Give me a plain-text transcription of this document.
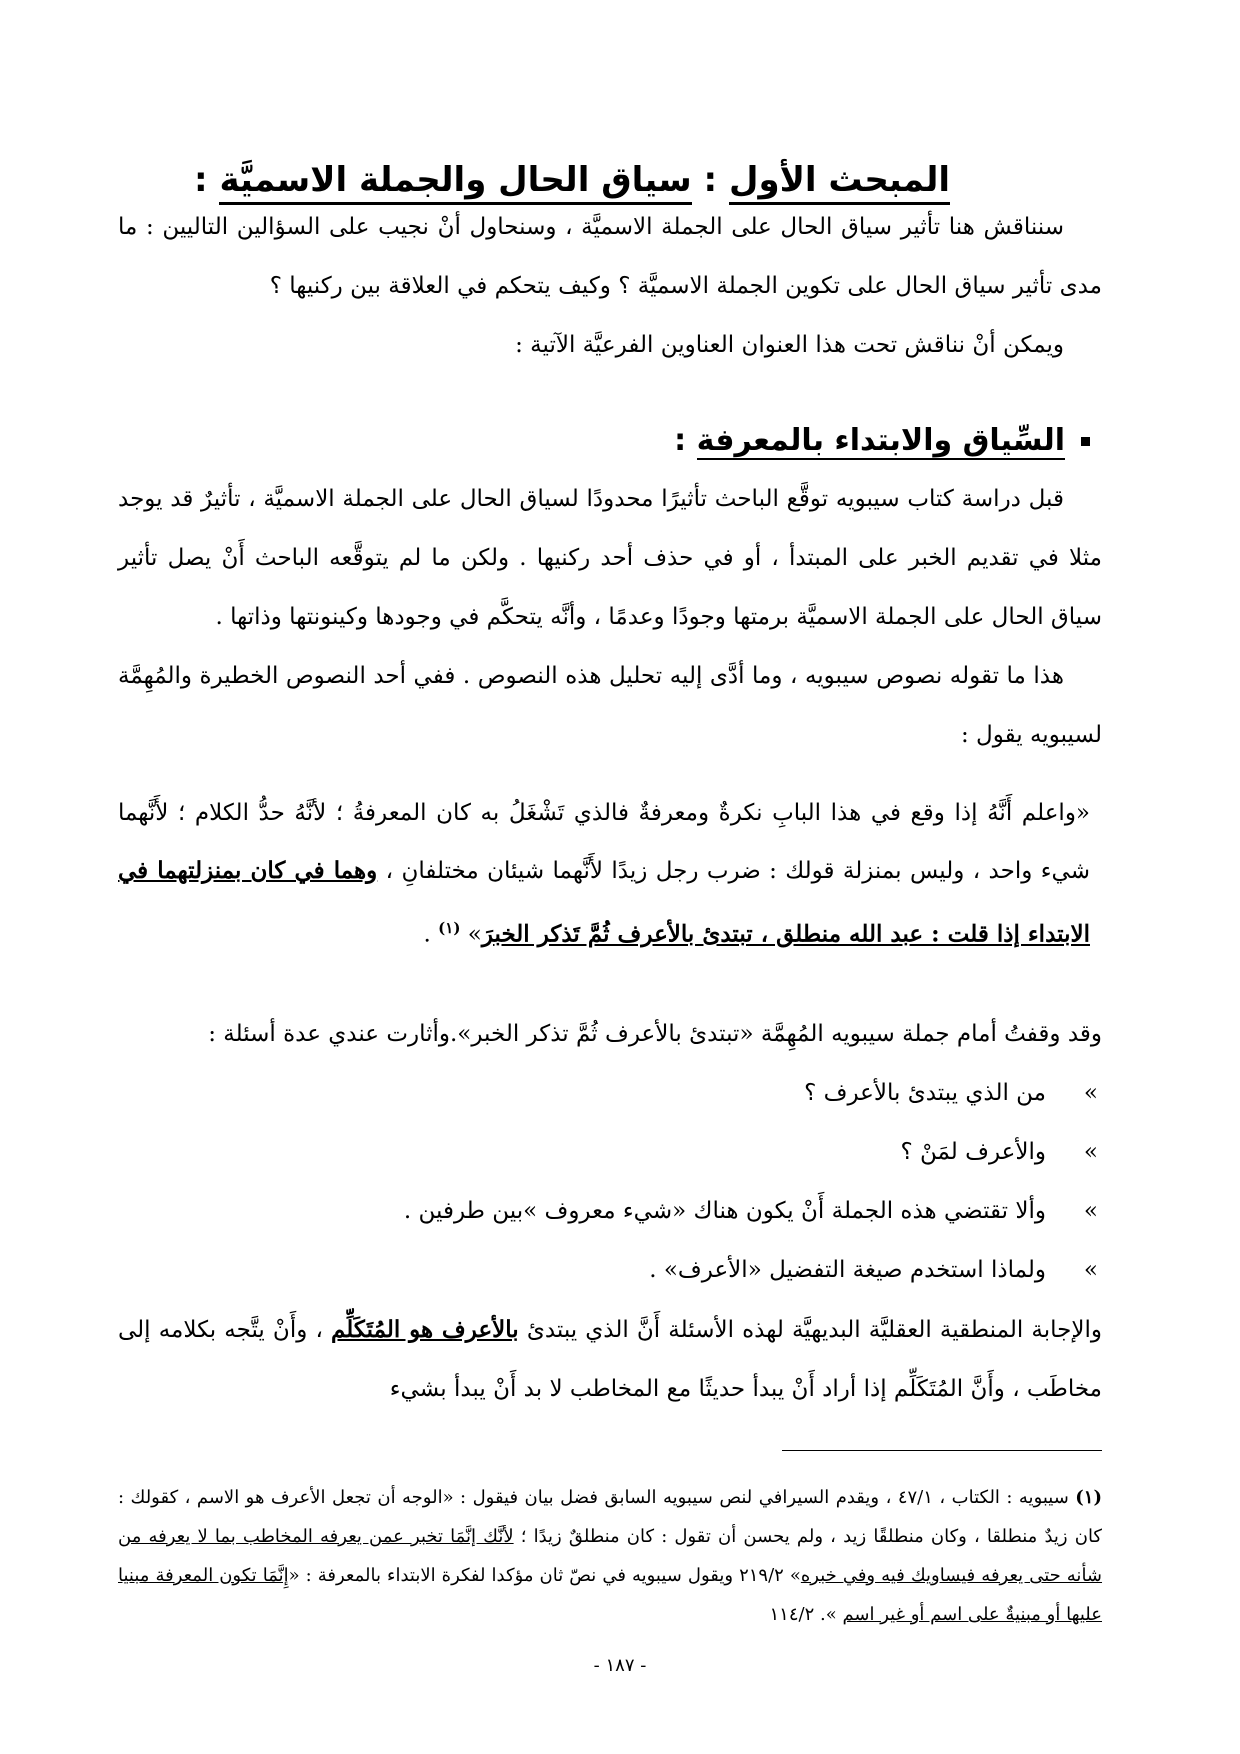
المبحث الأول : سياق الحال والجملة الاسميَّة :

سنناقش هنا تأثير سياق الحال على الجملة الاسميَّة ، وسنحاول أنْ نجيب على السؤالين التاليين : ما مدى تأثير سياق الحال على تكوين الجملة الاسميَّة ؟ وكيف يتحكم في العلاقة بين ركنيها ؟

ويمكن أنْ نناقش تحت هذا العنوان العناوين الفرعيَّة الآتية :

السِّياق والابتداء بالمعرفة :

قبل دراسة كتاب سيبويه توقَّع الباحث تأثيرًا محدودًا لسياق الحال على الجملة الاسميَّة ، تأثيرٌ قد يوجد مثلا في تقديم الخبر على المبتدأ ، أو في حذف أحد ركنيها . ولكن ما لم يتوقَّعه الباحث أَنْ يصل تأثير سياق الحال على الجملة الاسميَّة برمتها وجودًا وعدمًا ، وأنَّه يتحكَّم في وجودها وكينونتها وذاتها .

هذا ما تقوله نصوص سيبويه ، وما أدَّى إليه تحليل هذه النصوص . ففي أحد النصوص الخطيرة والمُهِمَّة لسيبويه يقول :

«واعلم أَنَّهُ إذا وقع في هذا البابِ نكرةٌ ومعرفةٌ فالذي تَشْغَلُ به كان المعرفةُ ؛ لأنَّهُ حدُّ الكلام ؛ لأَنَّهما شيء واحد ، وليس بمنزلة قولك : ضرب رجل زيدًا لأَنَّهما شيئان مختلفانِ ، وهما في كان بمنزلتهما في الابتداء إذا قلت : عبد الله منطلق ، تبتدئ بالأعرف ثُمَّ تَذكر الخبرَ» $^{(١)}$ .

وقد وقفتُ أمام جملة سيبويه المُهِمَّة «تبتدئ بالأعرف ثُمَّ تذكر الخبر».وأثارت عندي عدة أسئلة :

»
من الذي يبتدئ بالأعرف ؟
»
والأعرف لمَنْ ؟
»
وألا تقتضي هذه الجملة أَنْ يكون هناك «شيء معروف »بين طرفين .
»
ولماذا استخدم صيغة التفضيل «الأعرف» .

والإجابة المنطقية العقليَّة البديهيَّة لهذه الأسئلة أَنَّ الذي يبتدئ بالأعرف هو المُتَكَلِّم ، وأَنْ يتَّجه بكلامه إلى مخاطَب ، وأَنَّ المُتَكَلِّم إذا أراد أَنْ يبدأ حديثًا مع المخاطب لا بد أَنْ يبدأ بشيء

(١) سيبويه : الكتاب ، ٤٧/١ ، ويقدم السيرافي لنص سيبويه السابق فضل بيان فيقول : «الوجه أن تجعل الأعرف هو الاسم ، كقولك : كان زيدٌ منطلقا ، وكان منطلقًا زيد ، ولم يحسن أن تقول : كان منطلقٌ زيدًا ؛ لأنَّك إنَّمَا تخبر عمن يعرفه المخاطب بما لا يعرفه من شأنه حتى يعرفه فيساويك فيه وفي خبره» ٢١٩/٢ ويقول سيبويه في نصّ ثان مؤكدا لفكرة الابتداء بالمعرفة : «إِنَّمَا تكون المعرفة مبنيا عليها أو مبنيةٌ على اسم أو غير اسم ». ١١٤/٢
- ١٨٧ -
